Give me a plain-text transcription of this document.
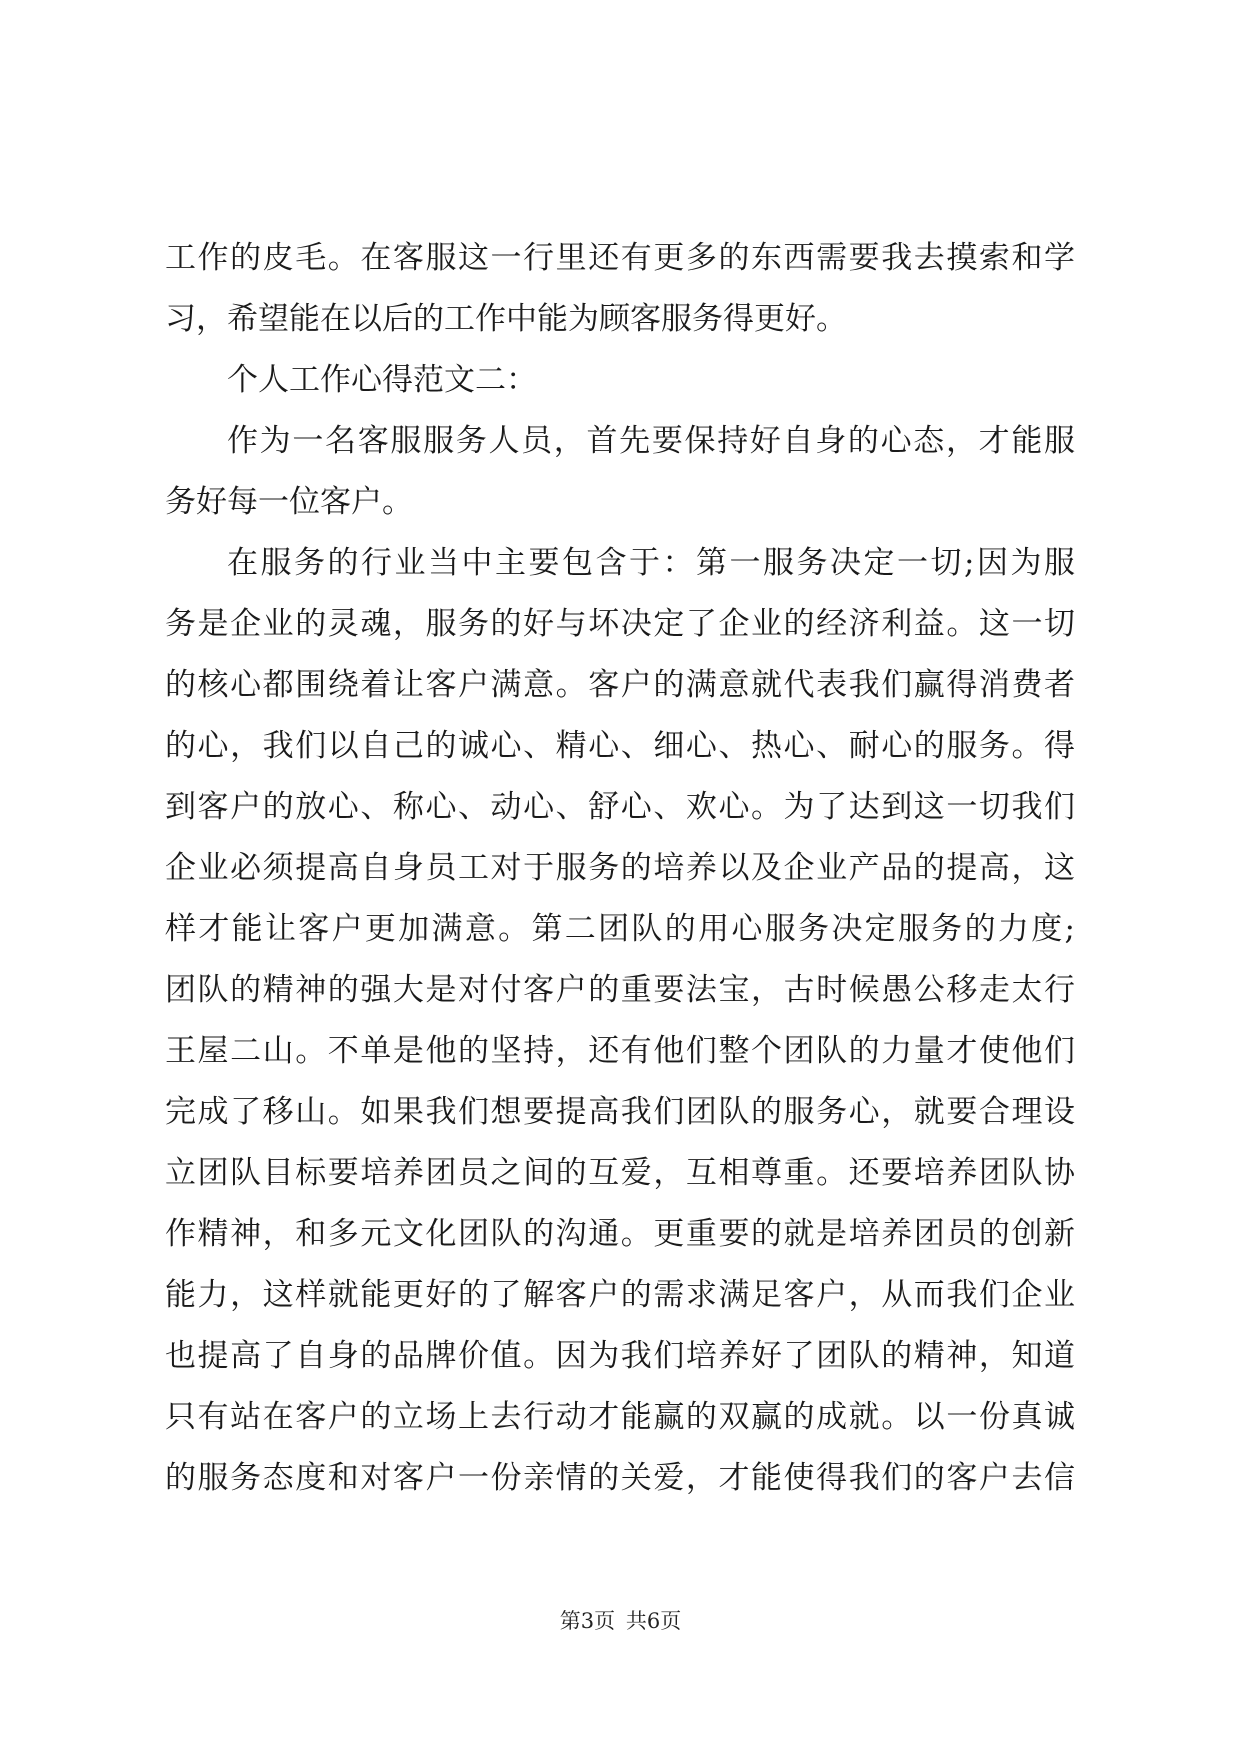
工作的皮毛。在客服这一行里还有更多的东西需要我去摸索和学
习，希望能在以后的工作中能为顾客服务得更好。
个人工作心得范文二：
作为一名客服服务人员，首先要保持好自身的心态，才能服
务好每一位客户。
在服务的行业当中主要包含于：第一服务决定一切;因为服
务是企业的灵魂，服务的好与坏决定了企业的经济利益。这一切
的核心都围绕着让客户满意。客户的满意就代表我们赢得消费者
的心，我们以自己的诚心、精心、细心、热心、耐心的服务。得
到客户的放心、称心、动心、舒心、欢心。为了达到这一切我们
企业必须提高自身员工对于服务的培养以及企业产品的提高，这
样才能让客户更加满意。第二团队的用心服务决定服务的力度;
团队的精神的强大是对付客户的重要法宝，古时候愚公移走太行
王屋二山。不单是他的坚持，还有他们整个团队的力量才使他们
完成了移山。如果我们想要提高我们团队的服务心，就要合理设
立团队目标要培养团员之间的互爱，互相尊重。还要培养团队协
作精神，和多元文化团队的沟通。更重要的就是培养团员的创新
能力，这样就能更好的了解客户的需求满足客户，从而我们企业
也提高了自身的品牌价值。因为我们培养好了团队的精神，知道
只有站在客户的立场上去行动才能赢的双赢的成就。以一份真诚
的服务态度和对客户一份亲情的关爱，才能使得我们的客户去信
第3页 共6页
